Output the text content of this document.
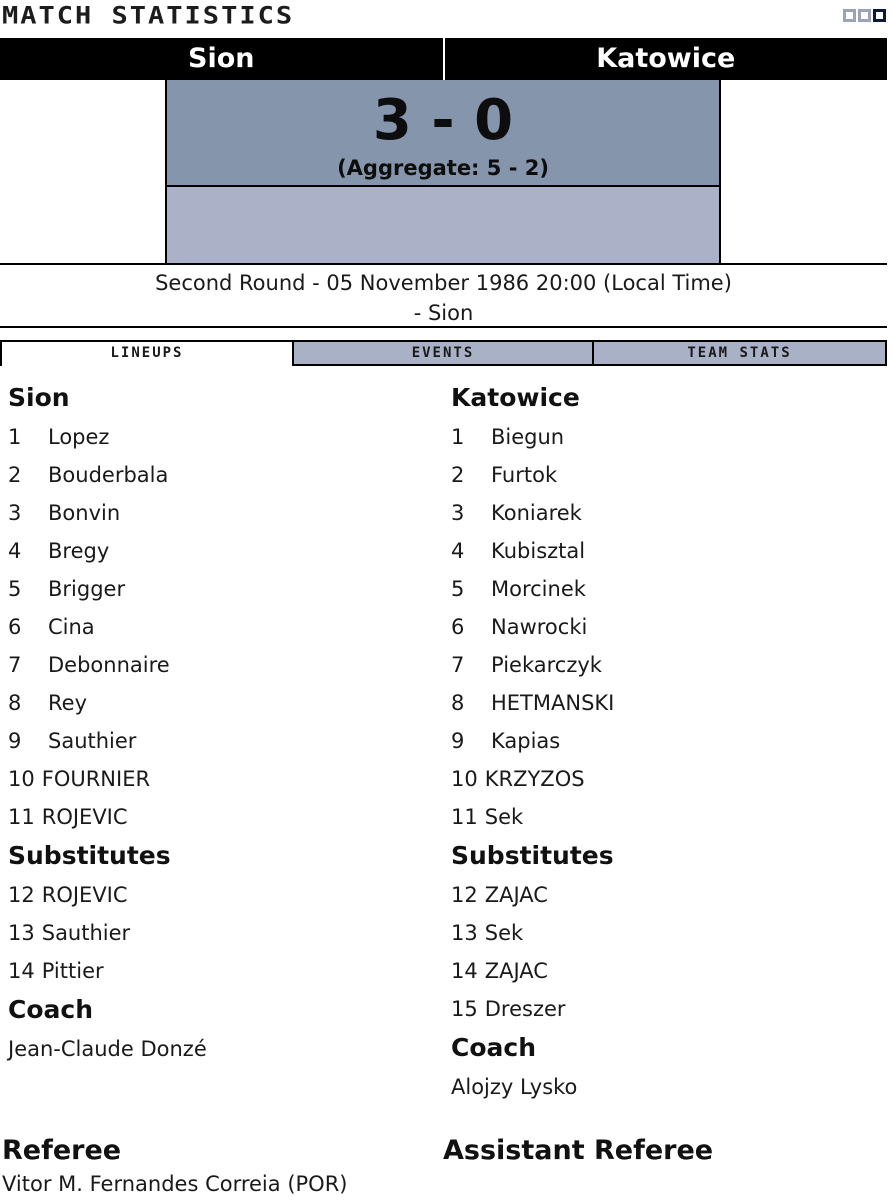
MATCH STATISTICS
Sion	Katowice
3 - 0
(Aggregate: 5 - 2)
Second Round - 05 November 1986 20:00 (Local Time)
- Sion
LINEUPS	EVENTS	TEAM STATS
Sion
1 Lopez
2 Bouderbala
3 Bonvin
4 Bregy
5 Brigger
6 Cina
7 Debonnaire
8 Rey
9 Sauthier
10 FOURNIER
11 ROJEVIC
Substitutes
12 ROJEVIC
13 Sauthier
14 Pittier
Coach
Jean-Claude Donzé
Katowice
1 Biegun
2 Furtok
3 Koniarek
4 Kubisztal
5 Morcinek
6 Nawrocki
7 Piekarczyk
8 HETMANSKI
9 Kapias
10 KRZYZOS
11 Sek
Substitutes
12 ZAJAC
13 Sek
14 ZAJAC
15 Dreszer
Coach
Alojzy Lysko
Referee
Vitor M. Fernandes Correia (POR)
Assistant Referee
